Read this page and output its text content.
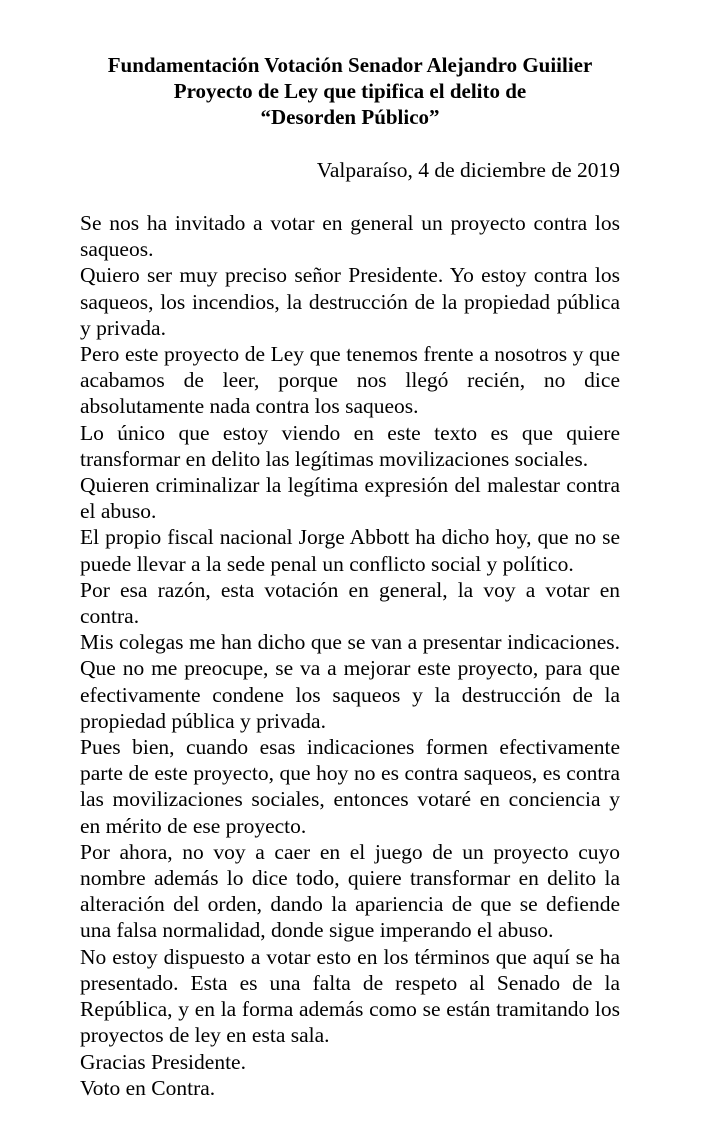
Fundamentación Votación Senador Alejandro Guiilier
Proyecto de Ley que tipifica el delito de
“Desorden Público”

Valparaíso, 4 de diciembre de 2019

Se nos ha invitado a votar en general un proyecto contra los saqueos.

Quiero ser muy preciso señor Presidente. Yo estoy contra los saqueos, los incendios, la destrucción de la propiedad pública y privada.

Pero este proyecto de Ley que tenemos frente a nosotros y que acabamos de leer, porque nos llegó recién, no dice absolutamente nada contra los saqueos.

Lo único que estoy viendo en este texto es que quiere transformar en delito las legítimas movilizaciones sociales.

Quieren criminalizar la legítima expresión del malestar contra el abuso.

El propio fiscal nacional Jorge Abbott ha dicho hoy, que no se puede llevar a la sede penal un conflicto social y político.

Por esa razón, esta votación en general, la voy a votar en contra.

Mis colegas me han dicho que se van a presentar indicaciones. Que no me preocupe, se va a mejorar este proyecto, para que efectivamente condene los saqueos y la destrucción de la propiedad pública y privada.

Pues bien, cuando esas indicaciones formen efectivamente parte de este proyecto, que hoy no es contra saqueos, es contra las movilizaciones sociales, entonces votaré en conciencia y en mérito de ese proyecto.

Por ahora, no voy a caer en el juego de un proyecto cuyo nombre además lo dice todo, quiere transformar en delito la alteración del orden, dando la apariencia de que se defiende una falsa normalidad, donde sigue imperando el abuso.

No estoy dispuesto a votar esto en los términos que aquí se ha presentado. Esta es una falta de respeto al Senado de la República, y en la forma además como se están tramitando los proyectos de ley en esta sala.

Gracias Presidente.

Voto en Contra.
